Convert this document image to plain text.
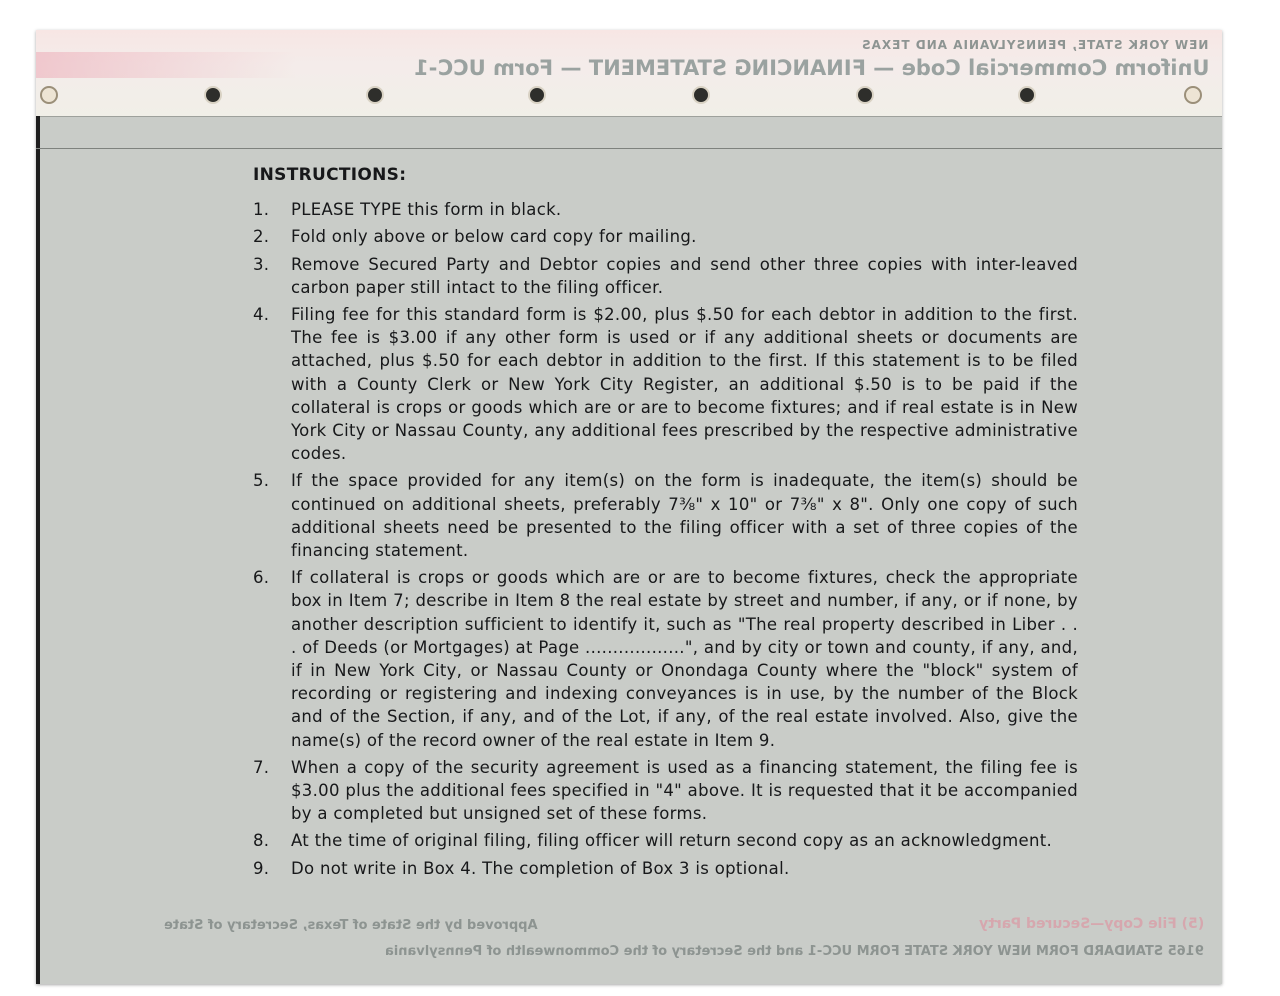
NEW YORK STATE, PENNSYLVANIA AND TEXAS
Uniform Commercial Code — FINANCING STATEMENT — Form UCC-1
(5) File Copy—Secured Party
Approved by the State of Texas, Secretary of State
9165 STANDARD FORM NEW YORK STATE FORM UCC-1 and the Secretary of the Commonwealth of Pennsylvania
INSTRUCTIONS:
1.	PLEASE TYPE this form in black.
2.	Fold only above or below card copy for mailing.
3.	Remove Secured Party and Debtor copies and send other three copies with inter-leaved carbon paper still intact to the filing officer.
4.	Filing fee for this standard form is $2.00, plus $.50 for each debtor in addition to the first. The fee is $3.00 if any other form is used or if any additional sheets or documents are attached, plus $.50 for each debtor in addition to the first. If this statement is to be filed with a County Clerk or New York City Register, an additional $.50 is to be paid if the collateral is crops or goods which are or are to become fixtures; and if real estate is in New York City or Nassau County, any additional fees prescribed by the respective administrative codes.
5.	If the space provided for any item(s) on the form is inadequate, the item(s) should be continued on additional sheets, preferably 7⅜" x 10" or 7⅜" x 8". Only one copy of such additional sheets need be presented to the filing officer with a set of three copies of the financing statement.
6.	If collateral is crops or goods which are or are to become fixtures, check the appropriate box in Item 7; describe in Item 8 the real estate by street and number, if any, or if none, by another description sufficient to identify it, such as "The real property described in Liber . . . of Deeds (or Mortgages) at Page ..................", and by city or town and county, if any, and, if in New York City, or Nassau County or Onondaga County where the "block" system of recording or registering and indexing conveyances is in use, by the number of the Block and of the Section, if any, and of the Lot, if any, of the real estate involved. Also, give the name(s) of the record owner of the real estate in Item 9.
7.	When a copy of the security agreement is used as a financing statement, the filing fee is $3.00 plus the additional fees specified in "4" above. It is requested that it be accompanied by a completed but unsigned set of these forms.
8.	At the time of original filing, filing officer will return second copy as an acknowledgment.
9.	Do not write in Box 4. The completion of Box 3 is optional.
